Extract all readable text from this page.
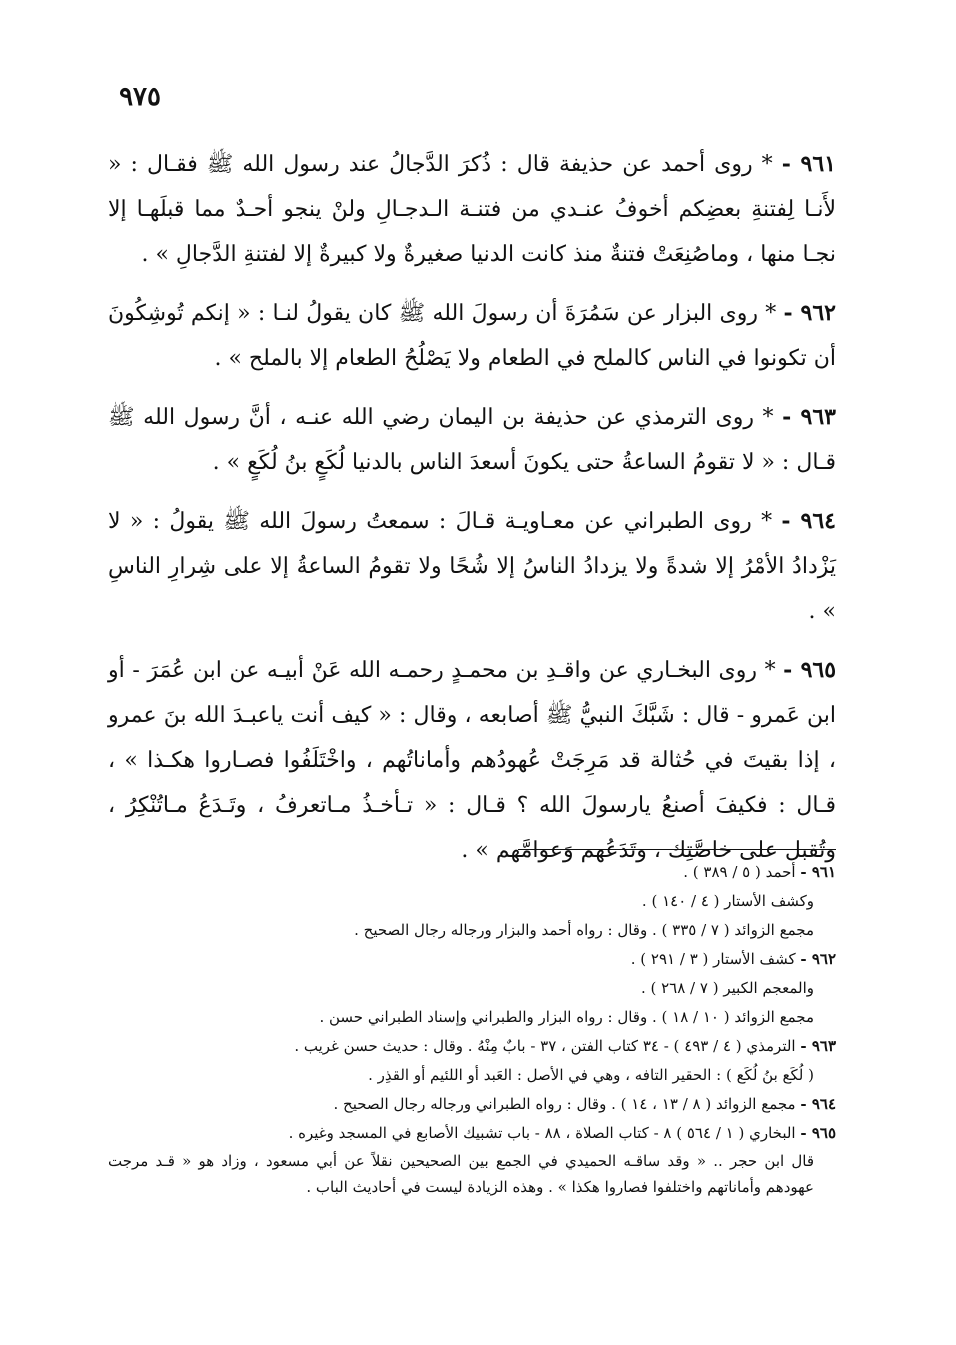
٩٧٥

٩٦١ - * روى أحمد عن حذيفة قال : ذُكرَ الدَّجالُ عند رسول الله ﷺ فقـال : « لأَنـا لِفتنةِ بعضِكم أخوفُ عنـدي من فتنـة الـدجـالِ ولنْ ينجو أحـدٌ مما قبلَهـا إلا نجـا منها ، وماصُنِعَتْ فتنةٌ منذ كانت الدنيا صغيرةٌ ولا كبيرةٌ إلا لفتنةِ الدَّجالِ » .

٩٦٢ - * روى البزار عن سَمُرَةَ أن رسولَ الله ﷺ كان يقولُ لنـا : « إنكم تُوشِكُونَ أن تكونوا في الناس كالملح في الطعام ولا يَصْلُحُ الطعام إلا بالملح » .

٩٦٣ - * روى الترمذي عن حذيفة بن اليمان رضي الله عنـه ، أنَّ رسول الله ﷺ قـال : « لا تقومُ الساعةُ حتى يكونَ أسعدَ الناس بالدنيا لُكَعٍ بنُ لُكَعٍ » .

٩٦٤ - * روى الطبراني عن معـاويـة قـالَ : سمعتُ رسولَ الله ﷺ يقولُ : « لا يَزْدادُ الأمْرُ إلا شدةً ولا يزدادُ الناسُ إلا شُحًا ولا تقومُ الساعةُ إلا على شِرارِ الناسِ » .

٩٦٥ - * روى البخـاري عن واقـدِ بن محمـدٍ رحمـه الله عَنْ أبيـه عن ابن عُمَرَ - أو ابن عَمرو - قال : شَبَّكَ النبيُّ ﷺ أصابعه ، وقال : « كيف أنت ياعبـدَ الله بنَ عمرو ، إذا بقيتَ في حُثالة قد مَرِجَتْ عُهودُهم وأماناتُهم ، واخْتَلَفُوا فصـاروا هكـذا » ، قـال : فكيفَ أصنعُ يارسولَ الله ؟ قـال : « تـأخـذُ مـاتعرفُ ، وتَـدَعُ مـاتُنْكِرُ ، وتُقبل على خاصَّتِك ، وتَدَعُهم وَعوامَّهم » .

٩٦١ - أحمد ( ٥ / ٣٨٩ ) .

وكشف الأستار ( ٤ / ١٤٠ ) .

مجمع الزوائد ( ٧ / ٣٣٥ ) . وقال : رواه أحمد والبزار ورجاله رجال الصحيح .

٩٦٢ - كشف الأستار ( ٣ / ٢٩١ ) .

والمعجم الكبير ( ٧ / ٢٦٨ ) .

مجمع الزوائد ( ١٠ / ١٨ ) . وقال : رواه البزار والطبراني وإسناد الطبراني حسن .

٩٦٣ - الترمذي ( ٤ / ٤٩٣ ) - ٣٤ كتاب الفتن ، ٣٧ - بابٌ مِنْهُ . وقال : حديث حسن غريب .

( لُكَع بنُ لُكَع ) : الحقير التافه ، وهي في الأصل : العَبد أو اللئيم أو القذِر .

٩٦٤ - مجمع الزوائد ( ٨ / ١٣ ، ١٤ ) . وقال : رواه الطبراني ورجاله رجال الصحيح .

٩٦٥ - البخاري ( ١ / ٥٦٤ ) ٨ - كتاب الصلاة ، ٨٨ - باب تشبيك الأصابع في المسجد وغيره .

قال ابن حجر .. « وقد ساقـه الحميدي في الجمع بين الصحيحين نقلاً عن أبي مسعود ، وزاد هو « قـد مرجت عهودهم وأماناتهم واختلفوا فصاروا هكذا » . وهذه الزيادة ليست في أحاديث الباب .
